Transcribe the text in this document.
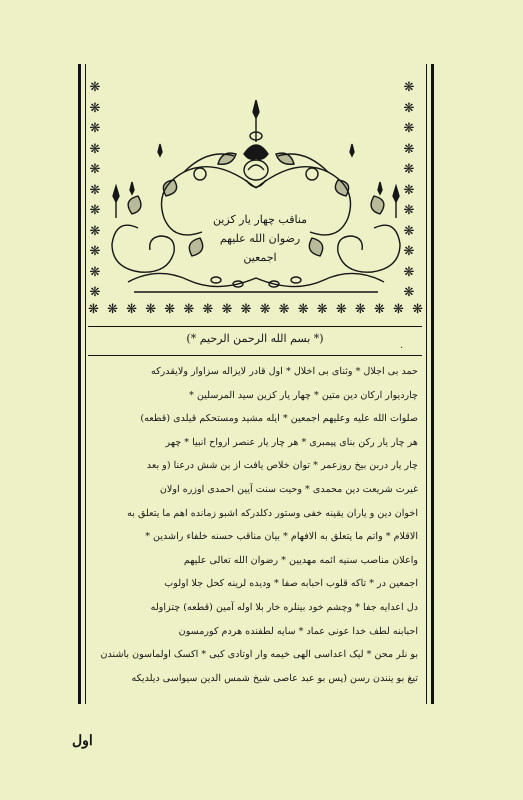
❋
❋
❋
❋
❋
❋
❋
❋
❋
❋
❋
❋
❋
❋
❋
❋
❋
❋
❋
❋
❋
❋
❋ ❋ ❋ ❋ ❋ ❋ ❋ ❋ ❋ ❋ ❋ ❋ ❋ ❋ ❋ ❋ ❋ ❋
مناقب چهار یار کزین
رضوان الله علیهم
اجمعین
(* بسم الله الرحمن الرحیم *)
.
حمد بی اجلال * وثنای بی اخلال * اول قادر لایزاله سزاوار ولایقدرکه
چاردیوار ارکان دین متین * چهار یار کزین سید المرسلین *
صلوات الله علیه وعلیهم اجمعین * ایله مشید ومستحکم قیلدی (قطعه)
هر چار یار رکن بنای پیمبری * هر چار یار عنصر ارواح انبیا * چهر
چار یار دربن بیخ روزعمر * توان خلاص یافت از بن شش درعنا (و بعد
غیرت شریعت دین محمدی * وحیت سنت آیین احمدی اوزره اولان
اخوان دین و یاران یقینه خفی وستور دکلدرکه اشبو زمانده اهم ما یتعلق به
الاقلام * واتم ما یتعلق به الافهام * بیان مناقب حسنه خلفاء راشدین *
واعلان مناصب سنیه ائمه مهدیین * رضوان الله تعالی علیهم
اجمعین در * تاکه قلوب احبابه صفا * ودیده لرینه کحل جلا اولوب
دل اعدایه جفا * وچشم خود بینلره خار بلا اوله آمین (قطعه) چتزاوله
احبابنه لطف خدا عونی عماد * سایه لطفنده هردم کورمسون
بو نلر محن * لیک اعداسی الهی خیمه وار اوتادی کبی * اکسک اولماسون باشندن
تیغ بو ینندن رسن (پس بو عبد عاصی شیخ شمس الدین سیواسی دیلدیکه
اول
